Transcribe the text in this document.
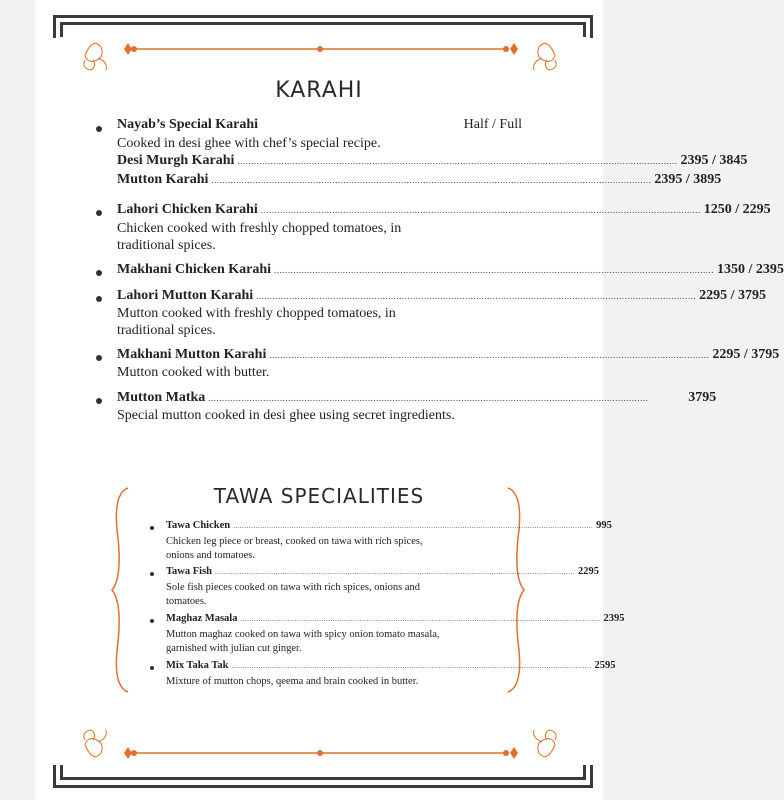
KARAHI
Nayab’s Special Karahi	Half / Full
Cooked in desi ghee with chef’s special recipe.
Desi Murgh Karahi ................................................................................................................................................................ 2395 / 3845
Mutton Karahi ................................................................................................................................................................ 2395 / 3895
Lahori Chicken Karahi ................................................................................................................................................................ 1250 / 2295
Chicken cooked with freshly chopped tomatoes, in
traditional spices.
Makhani Chicken Karahi ................................................................................................................................................................ 1350 / 2395
Lahori Mutton Karahi ................................................................................................................................................................ 2295 / 3795
Mutton cooked with freshly chopped tomatoes, in
traditional spices.
Makhani Mutton Karahi ................................................................................................................................................................ 2295 / 3795
Mutton cooked with butter.
Mutton Matka ................................................................................................................................................................	3795
Special mutton cooked in desi ghee using secret ingredients.
TAWA SPECIALITIES
Tawa Chicken ................................................................................................................................................................ 995
Chicken leg piece or breast, cooked on tawa with rich spices,
onions and tomatoes.
Tawa Fish ................................................................................................................................................................ 2295
Sole fish pieces cooked on tawa with rich spices, onions and
tomatoes.
Maghaz Masala ................................................................................................................................................................ 2395
Mutton maghaz cooked on tawa with spicy onion tomato masala,
garnished with julian cut ginger.
Mix Taka Tak ................................................................................................................................................................ 2595
Mixture of mutton chops, qeema and brain cooked in butter.
